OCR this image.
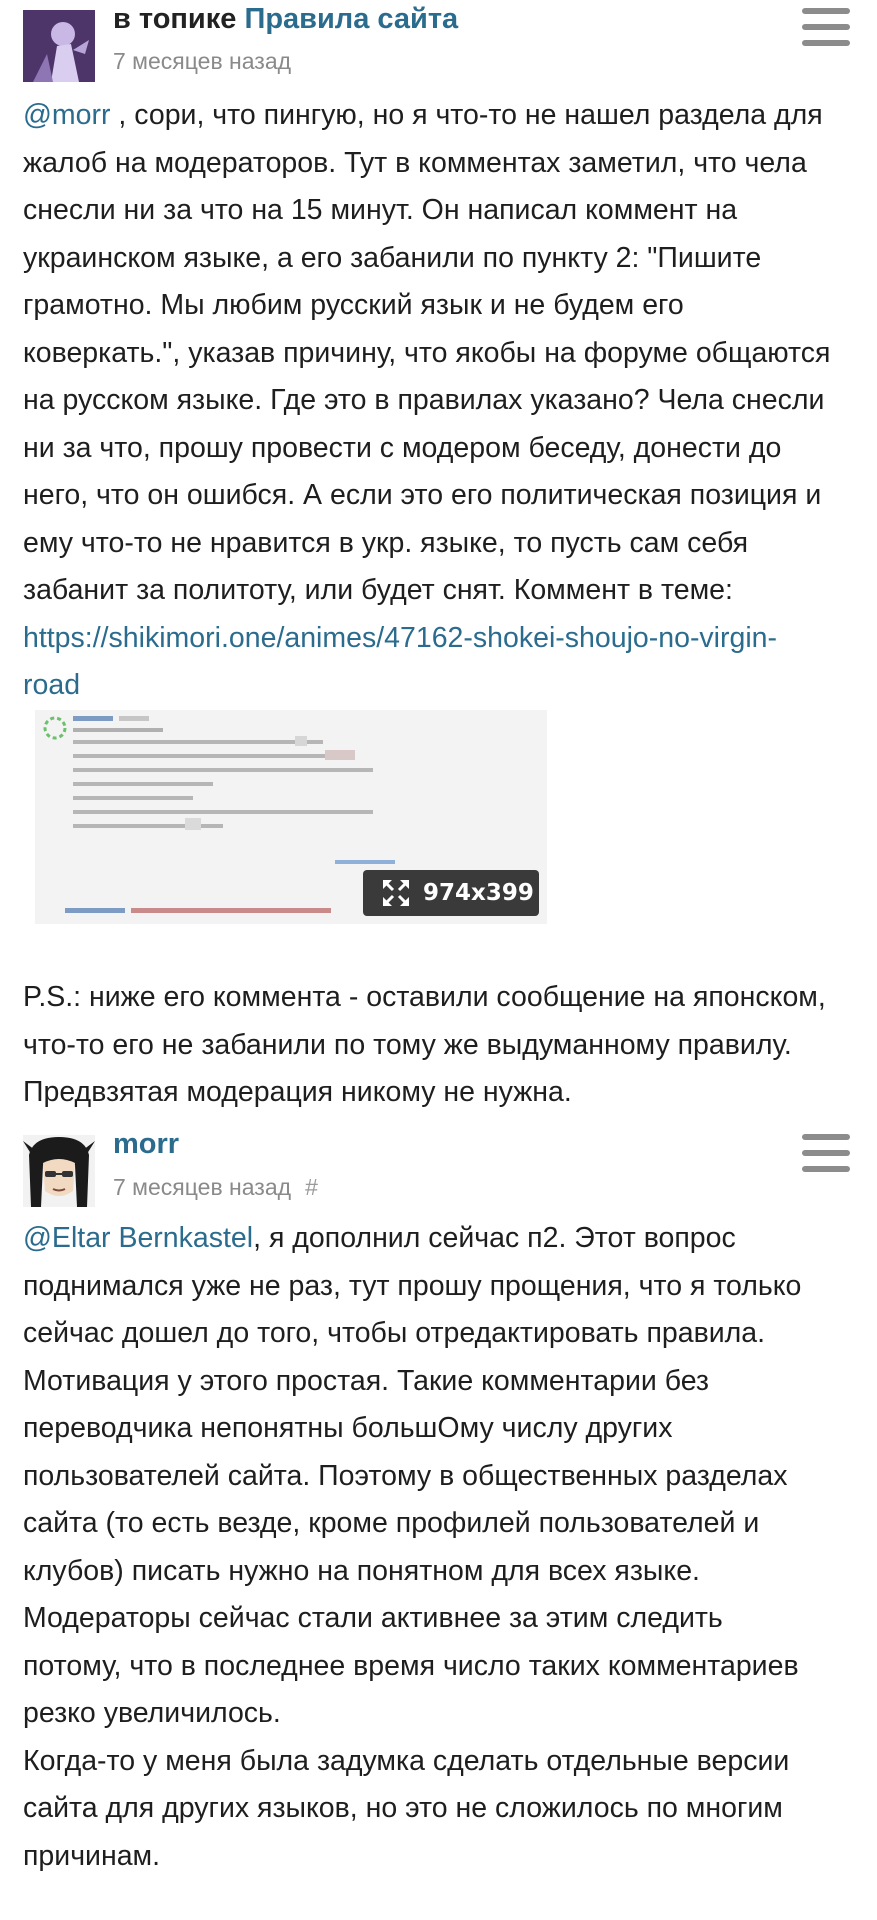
в топике Правила сайта
7 месяцев назад
@morr , сори, что пингую, но я что-то не нашел раздела для
жалоб на модераторов. Тут в комментах заметил, что чела
снесли ни за что на 15 минут. Он написал коммент на
украинском языке, а его забанили по пункту 2: "Пишите
грамотно. Мы любим русский язык и не будем его
коверкать.", указав причину, что якобы на форуме общаются
на русском языке. Где это в правилах указано? Чела снесли
ни за что, прошу провести с модером беседу, донести до
него, что он ошибся. А если это его политическая позиция и
ему что-то не нравится в укр. языке, то пусть сам себя
забанит за политоту, или будет снят. Коммент в теме:
https://shikimori.one/animes/47162-shokei-shoujo-no-virgin-
road
974x399
P.S.: ниже его коммента - оставили сообщение на японском,
что-то его не забанили по тому же выдуманному правилу.
Предвзятая модерация никому не нужна.
morr
7 месяцев назад #
@Eltar Bernkastel, я дополнил сейчас п2. Этот вопрос
поднимался уже не раз, тут прошу прощения, что я только
сейчас дошел до того, чтобы отредактировать правила.
Мотивация у этого простая. Такие комментарии без
переводчика непонятны большОму числу других
пользователей сайта. Поэтому в общественных разделах
сайта (то есть везде, кроме профилей пользователей и
клубов) писать нужно на понятном для всех языке.
Модераторы сейчас стали активнее за этим следить
потому, что в последнее время число таких комментариев
резко увеличилось.
Когда-то у меня была задумка сделать отдельные версии
сайта для других языков, но это не сложилось по многим
причинам.
